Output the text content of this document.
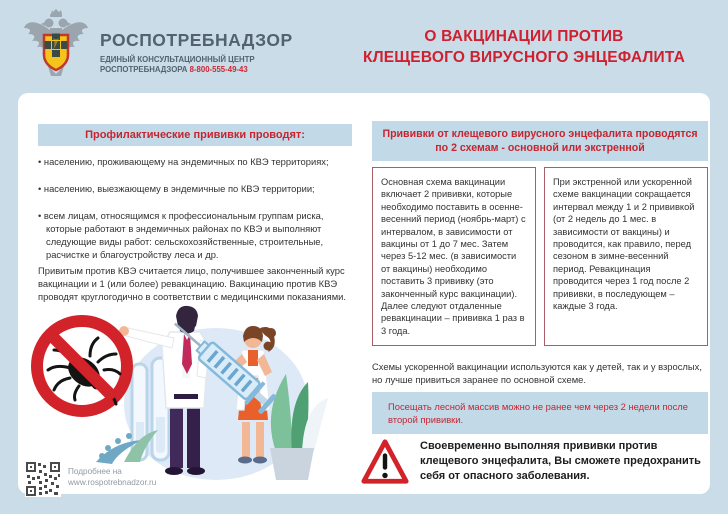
РОСПОТРЕБНАДЗОР
ЕДИНЫЙ КОНСУЛЬТАЦИОННЫЙ ЦЕНТР
РОСПОТРЕБНАДЗОРА 8-800-555-49-43
О ВАКЦИНАЦИИ ПРОТИВ
КЛЕЩЕВОГО ВИРУСНОГО ЭНЦЕФАЛИТА
Профилактические прививки проводят:
• населению, проживающему на эндемичных по КВЭ территориях;
• населению, выезжающему в эндемичные по КВЭ территории;
• всем лицам, относящимся к профессиональным группам риска, которые работают в эндемичных районах по КВЭ и выполняют следующие виды работ: сельскохозяйственные, строительные, расчистке и благоустройству леса и др.
Привитым против КВЭ считается лицо, получившее законченный курс вакцинации и 1 (или более) ревакцинацию. Вакцинацию против КВЭ проводят круглогодично в соответствии с медицинскими показаниями.
Подробнее на
www.rospotrebnadzor.ru
Прививки от клещевого вирусного энцефалита проводятся по 2 схемам - основной или экстренной
Основная схема вакцинации включает 2 прививки, которые необходимо поставить в осенне-весенний период (ноябрь-март) с интервалом, в зависимости от вакцины от 1 до 7 мес. Затем через 5-12 мес. (в зависимости от вакцины) необходимо поставить 3 прививку (это законченный курс вакцинации). Далее следуют отдаленные ревакцинации – прививка 1 раз в 3 года.
При экстренной или ускоренной схеме вакцинации сокращается интервал между 1 и 2 прививкой (от 2 недель до 1 мес. в зависимости от вакцины) и проводится, как правило, перед сезоном в зимне-весенний период. Ревакцинация проводится через 1 год после 2 прививки, в последующем – каждые 3 года.
Схемы ускоренной вакцинации используются как у детей, так и у взрослых, но лучше привиться заранее по основной схеме.
Посещать лесной массив можно не ранее чем через 2 недели после второй прививки.
Своевременно выполняя прививки против клещевого энцефалита, Вы сможете предохранить себя от опасного заболевания.
